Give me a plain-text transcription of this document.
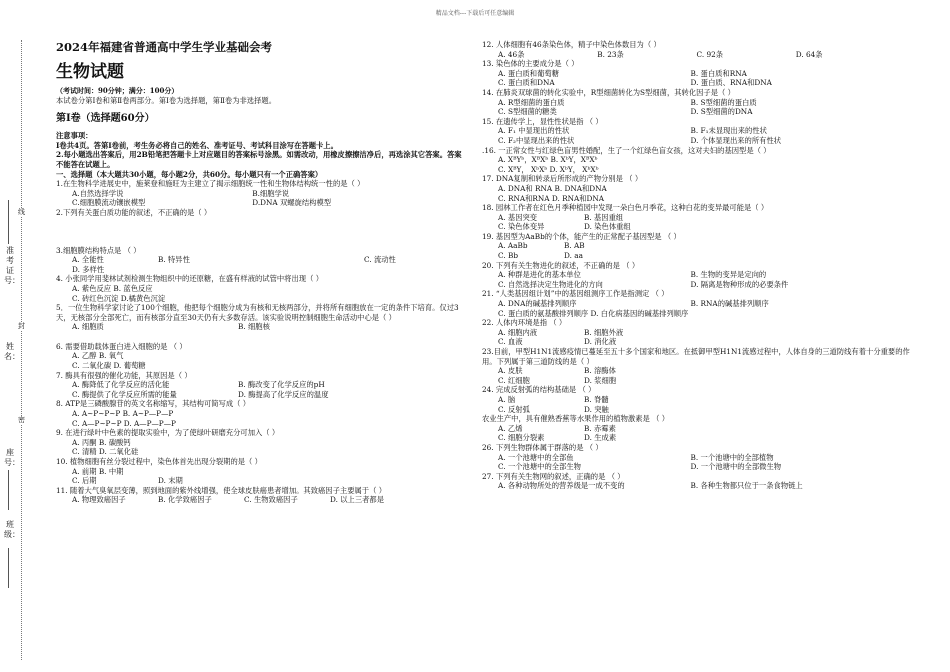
精品文档---下载后可任意编辑
线
封
密
准考证号：
姓名：
座号：
班级：
2024年福建省普通高中学生学业基础会考
生物试题
（考试时间：90分钟；满分：100分）
本试卷分第Ⅰ卷和第Ⅱ卷两部分。第Ⅰ卷为选择题，第Ⅱ卷为非选择题。
第Ⅰ卷（选择题60分）
注意事项：
Ⅰ卷共4页。答第Ⅰ卷前，考生务必将自己的姓名、准考证号、考试科目涂写在答题卡上。
2.每小题选出答案后，用2B铅笔把答题卡上对应题目的答案标号涂黑。如需改动，用橡皮擦擦洁净后，再选涂其它答案。答案不能答在试题上。
一、选择题（本大题共30小题，每小题2分，共60分。每小题只有一个正确答案）
1.在生物科学进展史中，施莱登和施旺为主建立了揭示细胞统一性和生物体结构统一性的是（ ）
A.自然选择学说	B.细胞学说
C.细胞膜流动镶嵌模型	D.DNA 双螺旋结构模型
2.下列有关蛋白质功能的叙述，不正确的是（ ）
3.细胞膜结构特点是 （ ）
A. 全能性	B. 特异性	C. 流动性
D. 多样性
4. 小张同学用斐林试剂检测生物组织中的还原糖，在盛有样液的试管中将出现（ ）
A. 紫色反应 B. 蓝色反应
C. 砖红色沉淀 D.橘黄色沉淀
5．一位生物科学家讨论了100个细胞，他把每个细胞分成为有核和无核两部分，并将所有细胞放在一定的条件下培育。仅过3天，无核部分全部死亡，而有核部分直至30天仍有大多数存活。该实验说明控制细胞生命活动中心是（ ）
A. 细胞质	B. 细胞核
6. 需要借助载体蛋白进入细胞的是 （ ）
A. 乙醇 B. 氧气
C. 二氧化碳 D. 葡萄糖
7. 酶具有很强的催化功能，其原因是（ ）
A. 酶降低了化学反应的活化能	B. 酶改变了化学反应的pH
C. 酶提供了化学反应所需的能量	D. 酶提高了化学反应的温度
8. ATP是三磷酸腺苷的英文名称缩写，其结构可简写成（ ）
A. A~P~P~P B. A~P—P—P
C. A—P~P~P D. A—P—P—P
9. 在进行绿叶中色素的提取实验中，为了使绿叶研磨充分可加入（ ）
A. 丙酮 B. 碳酸钙
C. 清精 D. 二氧化硅
10. 植物细胞有丝分裂过程中，染色体首先出现分裂期的是（ ）
A. 前期 B. 中期
C. 后期	D. 末期
11. 随着大气臭氧层变薄，照到地面的紫外线增强，使全球皮肤癌患者增加。其致癌因子主要属于（ ）
A. 物理致癌因子	B. 化学致癌因子	C. 生物致癌因子	D. 以上三者都是
12. 人体细胞有46条染色体，精子中染色体数目为（ ）
A. 46条	B. 23条	C. 92条	D. 64条
13. 染色体的主要成分是（ ）
A. 蛋白质和葡萄糖	B. 蛋白质和RNA
C. 蛋白质和DNA	D. 蛋白质、RNA和DNA
14. 在肺炎双球菌的转化实验中，R型细菌转化为S型细菌，其转化因子是（ ）
A. R型细菌的蛋白质	B. S型细菌的蛋白质
C. S型细菌的糖类	D. S型细菌的DNA
15. 在遗传学上，显性性状是指 （ ）
A. F₁ 中显现出的性状	B. F₁未显现出来的性状
C. F₂中显现出来的性状	D. 个体显现出来的所有性状
.16. 一正常女性与红绿色盲男性婚配，生了一个红绿色盲女孩，这对夫妇的基因型是（ ）
A. XᴮYᵇ，XᴮXᵇ B. XᵇY，XᴮXᵇ
C. XᴮY， XᵇXᵇ D. XᵇY， XᵇXᵇ
17. DNA复制和转录后所形成的产物分别是 （ ）
A. DNA和 RNA B. DNA和DNA
C. RNA和RNA D. RNA和DNA
18. 园林工作者在红色月季种植园中发现一朵白色月季花，这种白花的变异最可能是（ ）
A. 基因突变	B. 基因重组
C. 染色体变异	D. 染色体重组
19. 基因型为AaBb的个体，能产生的正常配子基因型是 （ ）
A. AaBb	B. AB
C. Bb	D. aa
20. 下列有关生物进化的叙述，不正确的是 （ ）
A. 种群是进化的基本单位	B. 生物的变异是定向的
C. 自然选择决定生物进化的方向	D. 隔离是物种形成的必要条件
21. “人类基因组计划”中的基因组测序工作是指测定 （ ）
A. DNA的碱基排列顺序	B. RNA的碱基排列顺序
C. 蛋白质的氨基酸排列顺序 D. 白化病基因的碱基排列顺序
22. 人体内环境是指 （ ）
A. 细胞内液	B. 细胞外液
C. 血液	D. 消化液
23.目前，甲型H1N1流感疫情已蔓延至五十多个国家和地区。在抵御甲型H1N1流感过程中，人体自身的三道防线有着十分重要的作用。下列属于第三道防线的是（ ）
A. 皮肤	B. 溶酶体
C. 红细胞	D. 浆细胞
24. 完成反射弧的结构基础是 （ ）
A. 脑	B. 脊髓
C. 反射弧	D. 突触
农业生产中，具有催熟香蕉等水果作用的植物激素是 （ ）
A. 乙烯	B. 赤霉素
C. 细胞分裂素	D. 生成素
26. 下列生物群体属于群落的是 （ ）
A. 一个池塘中的全部鱼	B. 一个池塘中的全部植物
C. 一个池塘中的全部生物	D. 一个池塘中的全部微生物
27. 下列有关生物网的叙述，正确的是 （ ）
A. 各种动物所处的营养级是一成不变的	B. 各种生物都只位于一条食物链上
